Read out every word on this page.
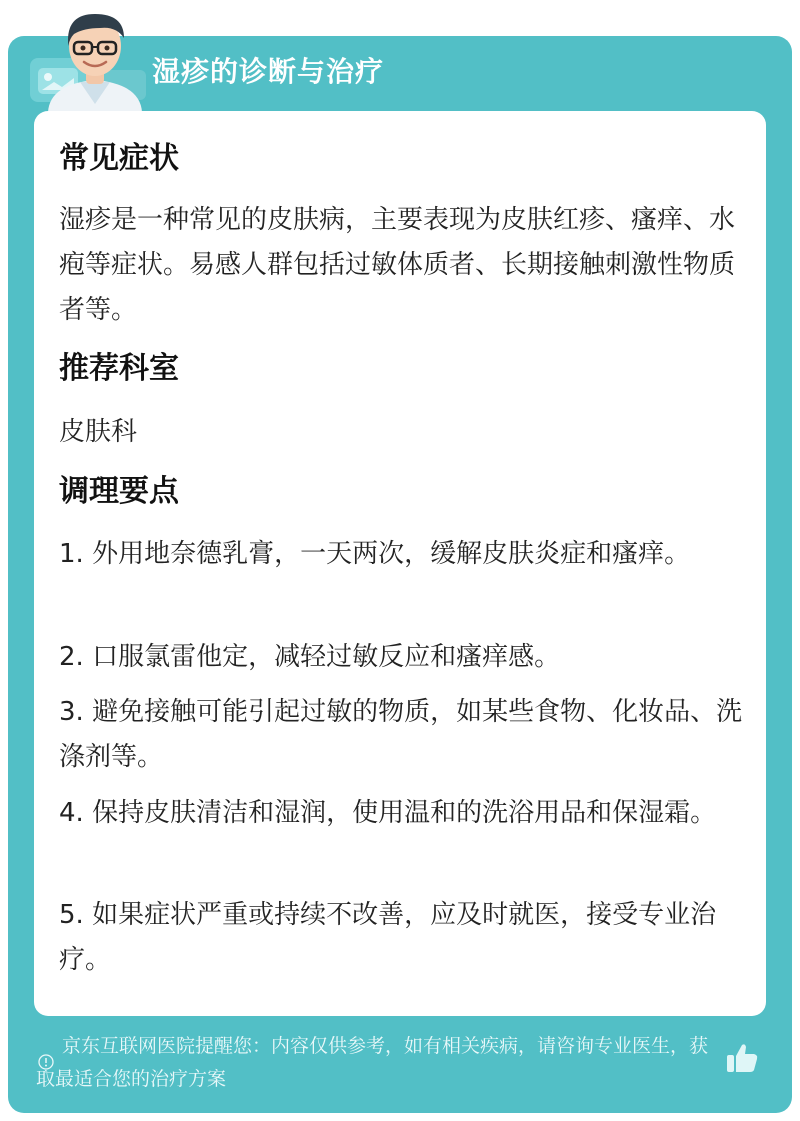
湿疹的诊断与治疗
常见症状
湿疹是一种常见的皮肤病，主要表现为皮肤红疹、瘙痒、水疱等症状。易感人群包括过敏体质者、长期接触刺激性物质者等。
推荐科室
皮肤科
调理要点
1. 外用地奈德乳膏，一天两次，缓解皮肤炎症和瘙痒。
2. 口服氯雷他定，减轻过敏反应和瘙痒感。
3. 避免接触可能引起过敏的物质，如某些食物、化妆品、洗涤剂等。
4. 保持皮肤清洁和湿润，使用温和的洗浴用品和保湿霜。
5. 如果症状严重或持续不改善，应及时就医，接受专业治疗。
京东互联网医院提醒您：内容仅供参考，如有相关疾病，请咨询专业医生，获取最适合您的治疗方案
